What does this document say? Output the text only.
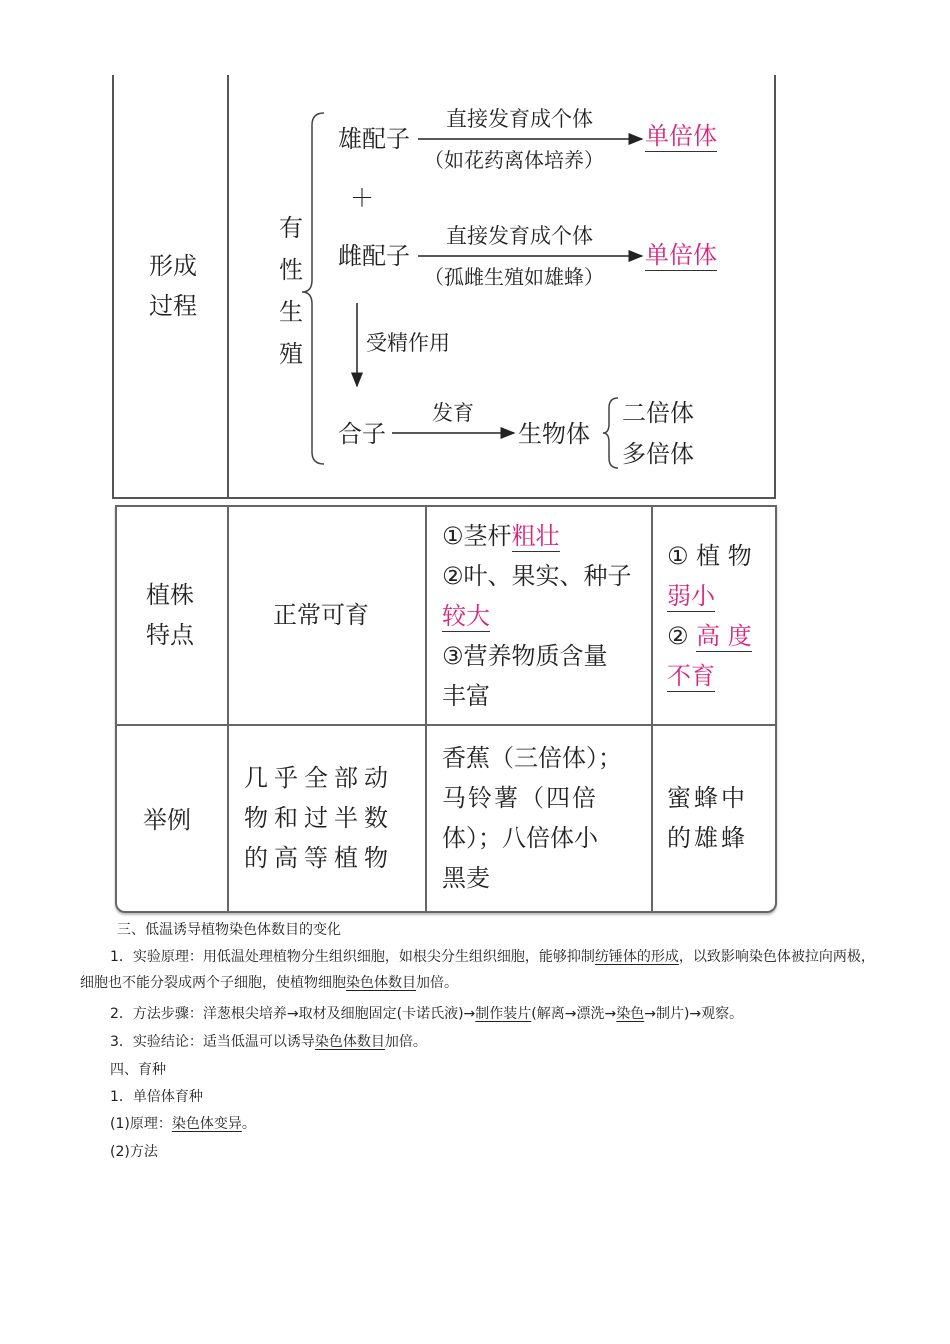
形成
过程
有
性
生
殖
雄配子
直接发育成个体
（如花药离体培养）
单倍体
＋
雌配子
直接发育成个体
（孤雌生殖如雄蜂）
单倍体
受精作用
合子
发育
生物体
二倍体
多倍体
植株
特点
正常可育
①茎杆粗壮
②叶、果实、种子
较大
③营养物质含量
丰富
① 植 物
弱小
② 高 度
不育
举例
几乎全部动
物和过半数
的高等植物
香蕉（三倍体）；
马铃薯（四倍
体）；八倍体小
黑麦
蜜蜂中
的雄蜂
三、低温诱导植物染色体数目的变化
1．实验原理：用低温处理植物分生组织细胞，如根尖分生组织细胞，能够抑制纺锤体的形成，以致影响染色体被拉向两极，细胞也不能分裂成两个子细胞，使植物细胞染色体数目加倍。
2．方法步骤：洋葱根尖培养→取材及细胞固定(卡诺氏液)→制作装片(解离→漂洗→染色→制片)→观察。
3．实验结论：适当低温可以诱导染色体数目加倍。
四、育种
1．单倍体育种
(1)原理：染色体变异。
(2)方法
